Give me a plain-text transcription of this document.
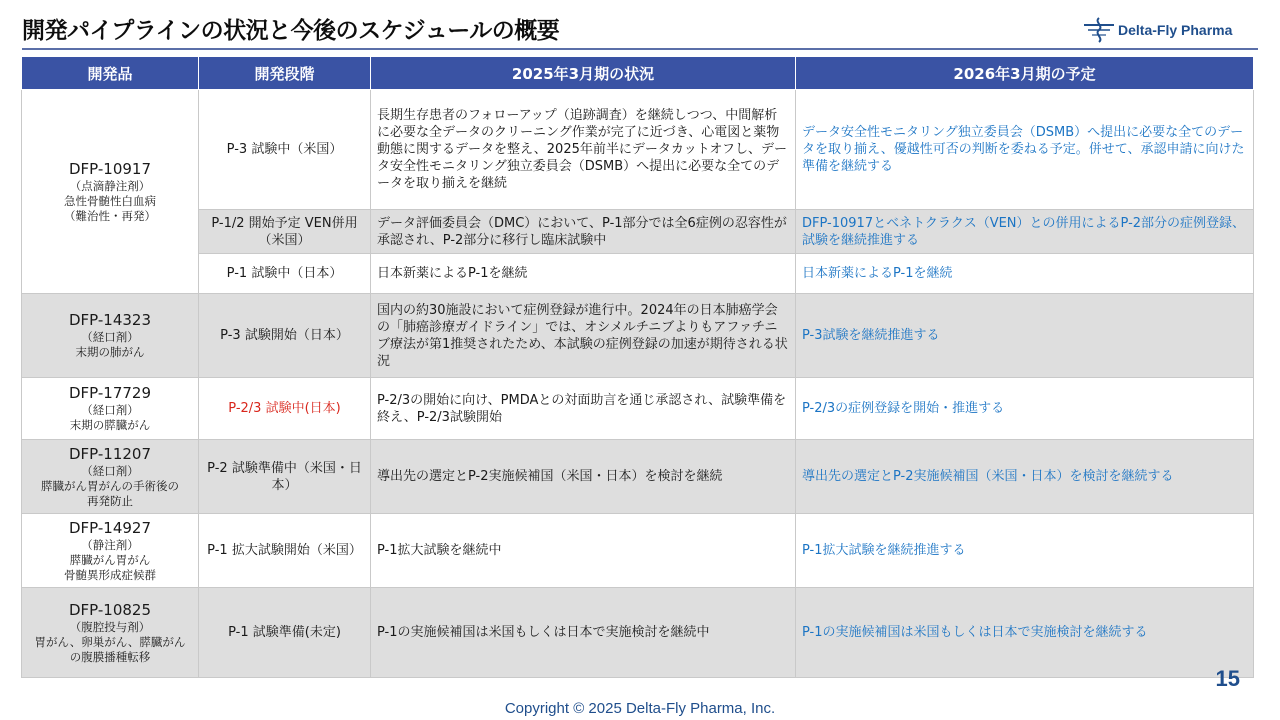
開発パイプラインの状況と今後のスケジュールの概要	Delta-Fly Pharma
開発品	開発段階	2025年3月期の状況	2026年3月期の予定

DFP-10917
（点滴静注剤）
急性骨髄性白血病
（難治性・再発）	P-3 試験中（米国）	長期生存患者のフォローアップ（追跡調査）を継続しつつ、中間解析に必要な全データのクリーニング作業が完了に近づき、心電図と薬物動態に関するデータを整え、2025年前半にデータカットオフし、データ安全性モニタリング独立委員会（DSMB）へ提出に必要な全てのデータを取り揃えを継続	データ安全性モニタリング独立委員会（DSMB）へ提出に必要な全てのデータを取り揃え、優越性可否の判断を委ねる予定。併せて、承認申請に向けた準備を継続する
	P-1/2 開始予定 VEN併用（米国）	データ評価委員会（DMC）において、P-1部分では全6症例の忍容性が承認され、P-2部分に移行し臨床試験中	DFP-10917とベネトクラクス（VEN）との併用によるP-2部分の症例登録、試験を継続推進する
	P-1 試験中（日本）	日本新薬によるP-1を継続	日本新薬によるP-1を継続

DFP-14323
（経口剤）
末期の肺がん	P-3 試験開始（日本）	国内の約30施設において症例登録が進行中。2024年の日本肺癌学会の「肺癌診療ガイドライン」では、オシメルチニブよりもアファチニブ療法が第1推奨されたため、本試験の症例登録の加速が期待される状況	P-3試験を継続推進する

DFP-17729
（経口剤）
末期の膵臓がん	P-2/3 試験中(日本)	P-2/3の開始に向け、PMDAとの対面助言を通じ承認され、試験準備を終え、P-2/3試験開始	P-2/3の症例登録を開始・推進する

DFP-11207
（経口剤）
膵臓がん胃がんの手術後の
再発防止	P-2 試験準備中（米国・日本）	導出先の選定とP-2実施候補国（米国・日本）を検討を継続	導出先の選定とP-2実施候補国（米国・日本）を検討を継続する

DFP-14927
（静注剤）
膵臓がん胃がん
骨髄異形成症候群	P-1 拡大試験開始（米国）	P-1拡大試験を継続中	P-1拡大試験を継続推進する

DFP-10825
（腹腔投与剤）
胃がん、卵巣がん、膵臓がん
の腹膜播種転移	P-1 試験準備(未定)	P-1の実施候補国は米国もしくは日本で実施検討を継続中	P-1の実施候補国は米国もしくは日本で実施検討を継続する
15
Copyright © 2025 Delta-Fly Pharma, Inc.
